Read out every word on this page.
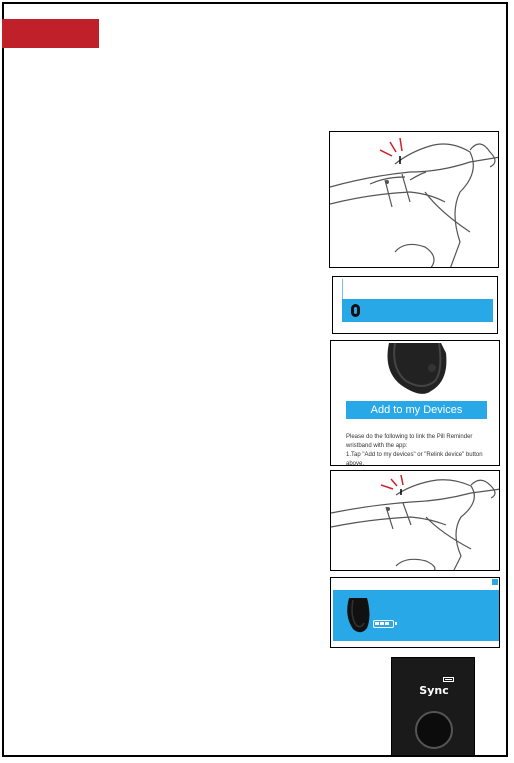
Add to my Devices
Please do the following to link the Pill Reminder
wristband with the app:
1.Tap "Add to my devices" or "Relink device" button
above.
Sync
